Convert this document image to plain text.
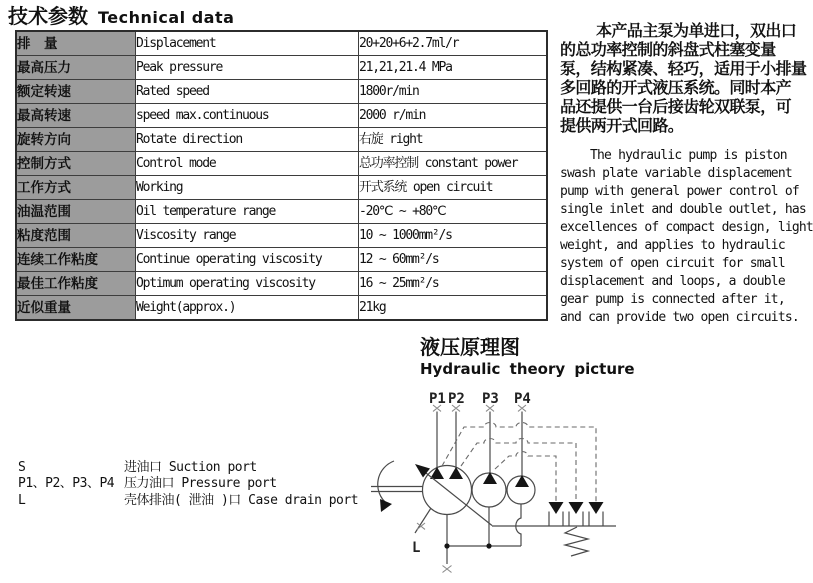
技术参数 Technical data
排　量	Displacement	20+20+6+2.7ml/r
最高压力	Peak pressure	21,21,21.4 MPa
额定转速	Rated speed	1800r/min
最高转速	speed max.continuous	2000 r/min
旋转方向	Rotate direction	右旋 right
控制方式	Control mode	总功率控制 constant power
工作方式	Working	开式系统 open circuit
油温范围	Oil temperature range	-20℃ ~ +80℃
粘度范围	Viscosity range	10 ~ 1000mm²/s
连续工作粘度	Continue operating viscosity	12 ~ 60mm²/s
最佳工作粘度	Optimum operating viscosity	16 ~ 25mm²/s
近似重量	Weight(approx.)	21kg
本产品主泵为单进口，双出口
的总功率控制的斜盘式柱塞变量
泵，结构紧凑、轻巧，适用于小排量
多回路的开式液压系统。同时本产
品还提供一台后接齿轮双联泵，可
提供两开式回路。
The hydraulic pump is piston
swash plate variable displacement
pump with general power control of
single inlet and double outlet, has
excellences of compact design, light
weight, and applies to hydraulic
system of open circuit for small
displacement and loops, a double
gear pump is connected after it,
and can provide two open circuits.
液压原理图
Hydraulic theory picture
S	进油口 Suction port
P1、P2、P3、P4 压力油口 Pressure port
L	壳体排油( 泄油 )口 Case drain port
P1 P2 P3 P4
L
